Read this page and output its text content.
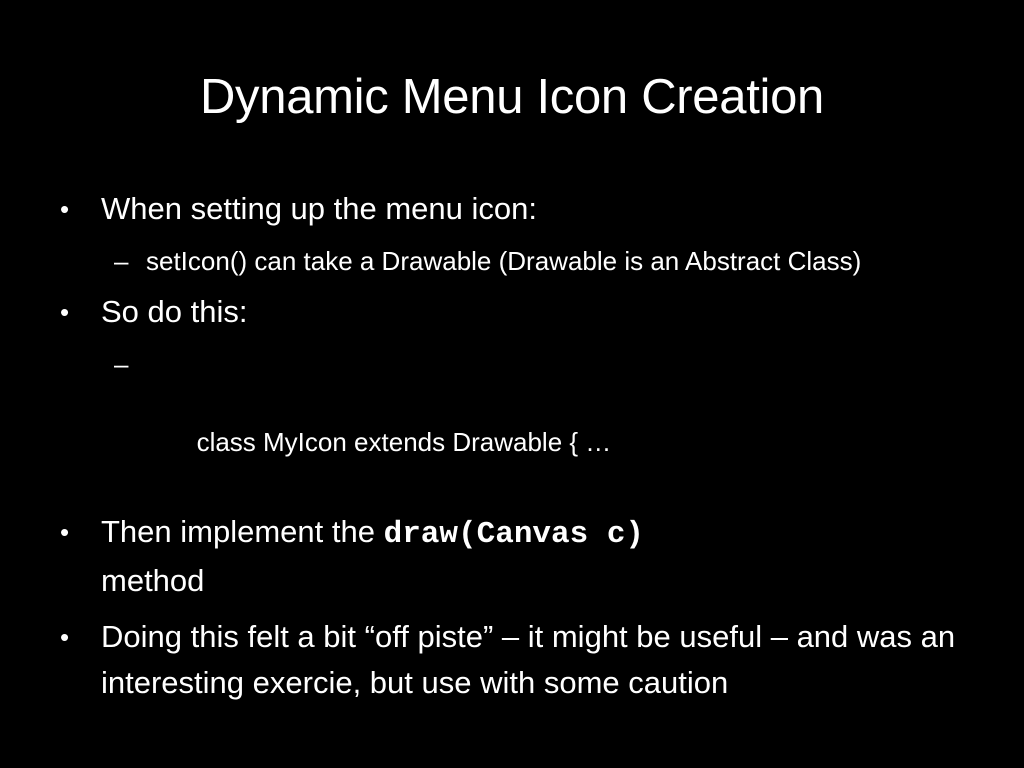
Dynamic Menu Icon Creation
• When setting up the menu icon:
– setIcon() can take a Drawable (Drawable is an Abstract Class)
• So do this:

–

class MyIcon extends Drawable { …

• Then implement the draw(Canvas c)
method
• Doing this felt a bit “off piste” – it might be useful – and was an interesting exercie, but use with some caution
